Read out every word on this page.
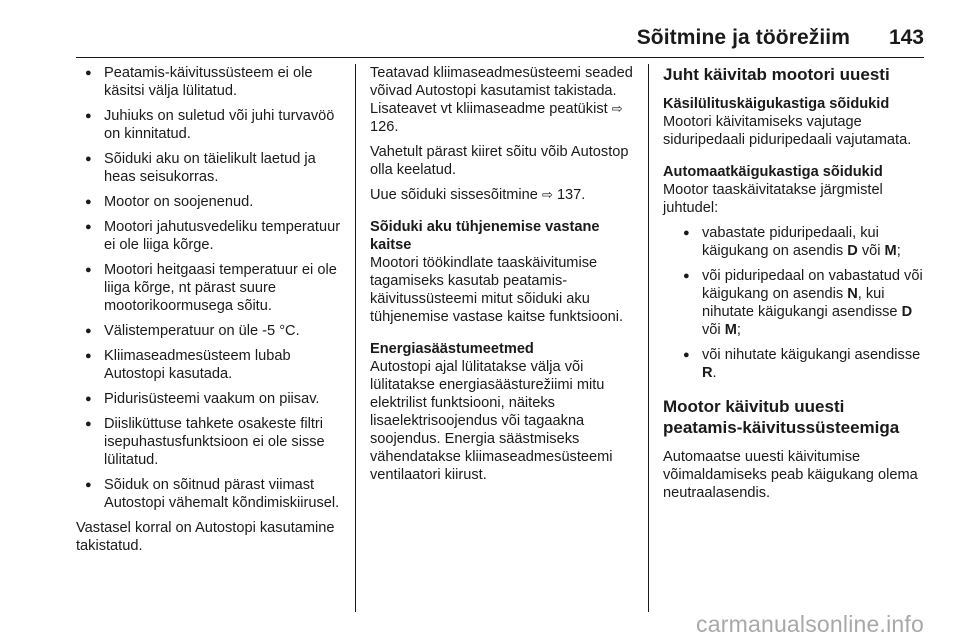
Sõitmine ja töörežiim 143
● Peatamis-käivitussüsteem ei ole käsitsi välja lülitatud.
● Juhiuks on suletud või juhi turvavöö on kinnitatud.
● Sõiduki aku on täielikult laetud ja heas seisukorras.
● Mootor on soojenenud.
● Mootori jahutusvedeliku temperatuur ei ole liiga kõrge.
● Mootori heitgaasi temperatuur ei ole liiga kõrge, nt pärast suure mootorikoormusega sõitu.
● Välistemperatuur on üle -5 °C.
● Kliimaseadmesüsteem lubab Autostopi kasutada.
● Pidurisüsteemi vaakum on piisav.
● Diisliküttuse tahkete osakeste filtri isepuhastusfunktsioon ei ole sisse lülitatud.
● Sõiduk on sõitnud pärast viimast Autostopi vähemalt kõndimiskiirusel.

Vastasel korral on Autostopi kasutamine takistatud.

Teatavad kliimaseadmesüsteemi seaded võivad Autostopi kasutamist takistada. Lisateavet vt kliimaseadme peatükist ⇨ 126.

Vahetult pärast kiiret sõitu võib Autostop olla keelatud.

Uue sõiduki sissesõitmine ⇨ 137.

Sõiduki aku tühjenemise vastane kaitse

Mootori töökindlate taaskäivitumise tagamiseks kasutab peatamis-käivitussüsteemi mitut sõiduki aku tühjenemise vastase kaitse funktsiooni.

Energiasäästumeetmed

Autostopi ajal lülitatakse välja või lülitatakse energiasäästurežiimi mitu elektrilist funktsiooni, näiteks lisaelektrisoojendus või tagaakna soojendus. Energia säästmiseks vähendatakse kliimaseadmesüsteemi ventilaatori kiirust.

Juht käivitab mootori uuesti

Käsilülituskäigukastiga sõidukid

Mootori käivitamiseks vajutage siduripedaali piduripedaali vajutamata.

Automaatkäigukastiga sõidukid

Mootor taaskäivitatakse järgmistel juhtudel:

● vabastate piduripedaali, kui käigukang on asendis D või M;
● või piduripedaal on vabastatud või käigukang on asendis N, kui nihutate käigukangi asendisse D või M;
● või nihutate käigukangi asendisse R.

Mootor käivitub uuesti peatamis-käivitussüsteemiga

Automaatse uuesti käivitumise võimaldamiseks peab käigukang olema neutraalasendis.

carmanualsonline.info
